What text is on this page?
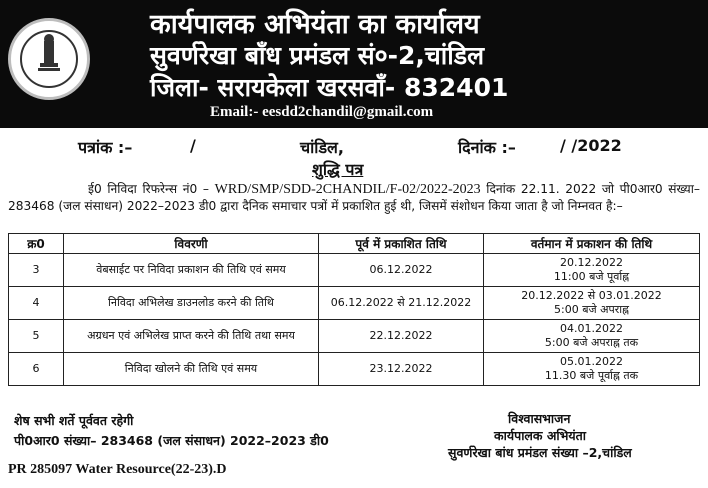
कार्यपालक अभियंता का कार्यालय
सुवर्णरेखा बाँध प्रमंडल सं०-2,चांडिल
जिला- सरायकेला खरसवाँ- 832401
Email:- eesdd2chandil@gmail.com
पत्रांक :–	/	चांडिल,	दिनांक :–	/ /2022
शुद्धि पत्र
ई0 निविदा रिफरेन्स नं0 – WRD/SMP/SDD-2CHANDIL/F-02/2022-2023 दिनांक 22.11. 2022 जो पी0आर0 संख्या– 283468 (जल संसाधन) 2022–2023 डी0 द्वारा दैनिक समाचार पत्रों में प्रकाशित हुई थी, जिसमें संशोधन किया जाता है जो निम्नवत है:–
क्र0	विवरणी	पूर्व में प्रकाशित तिथि	वर्तमान में प्रकाशन की तिथि
3	वेबसाईट पर निविदा प्रकाशन की तिथि एवं समय	06.12.2022	20.12.2022
11:00 बजे पूर्वाह्न
4	निविदा अभिलेख डाउनलोड करने की तिथि	06.12.2022 से 21.12.2022	20.12.2022 से 03.01.2022
5:00 बजे अपराह्न
5	अग्रधन एवं अभिलेख प्राप्त करने की तिथि तथा समय	22.12.2022	04.01.2022
5:00 बजे अपराह्न तक
6	निविदा खोलने की तिथि एवं समय	23.12.2022	05.01.2022
11.30 बजे पूर्वाह्न तक
शेष सभी शर्ते पूर्ववत रहेगी
पी0आर0 संख्या– 283468 (जल संसाधन) 2022–2023 डी0
विश्वासभाजन
कार्यपालक अभियंता
सुवर्णरेखा बांध प्रमंडल संख्या –2,चांडिल
PR 285097 Water Resource(22-23).D
